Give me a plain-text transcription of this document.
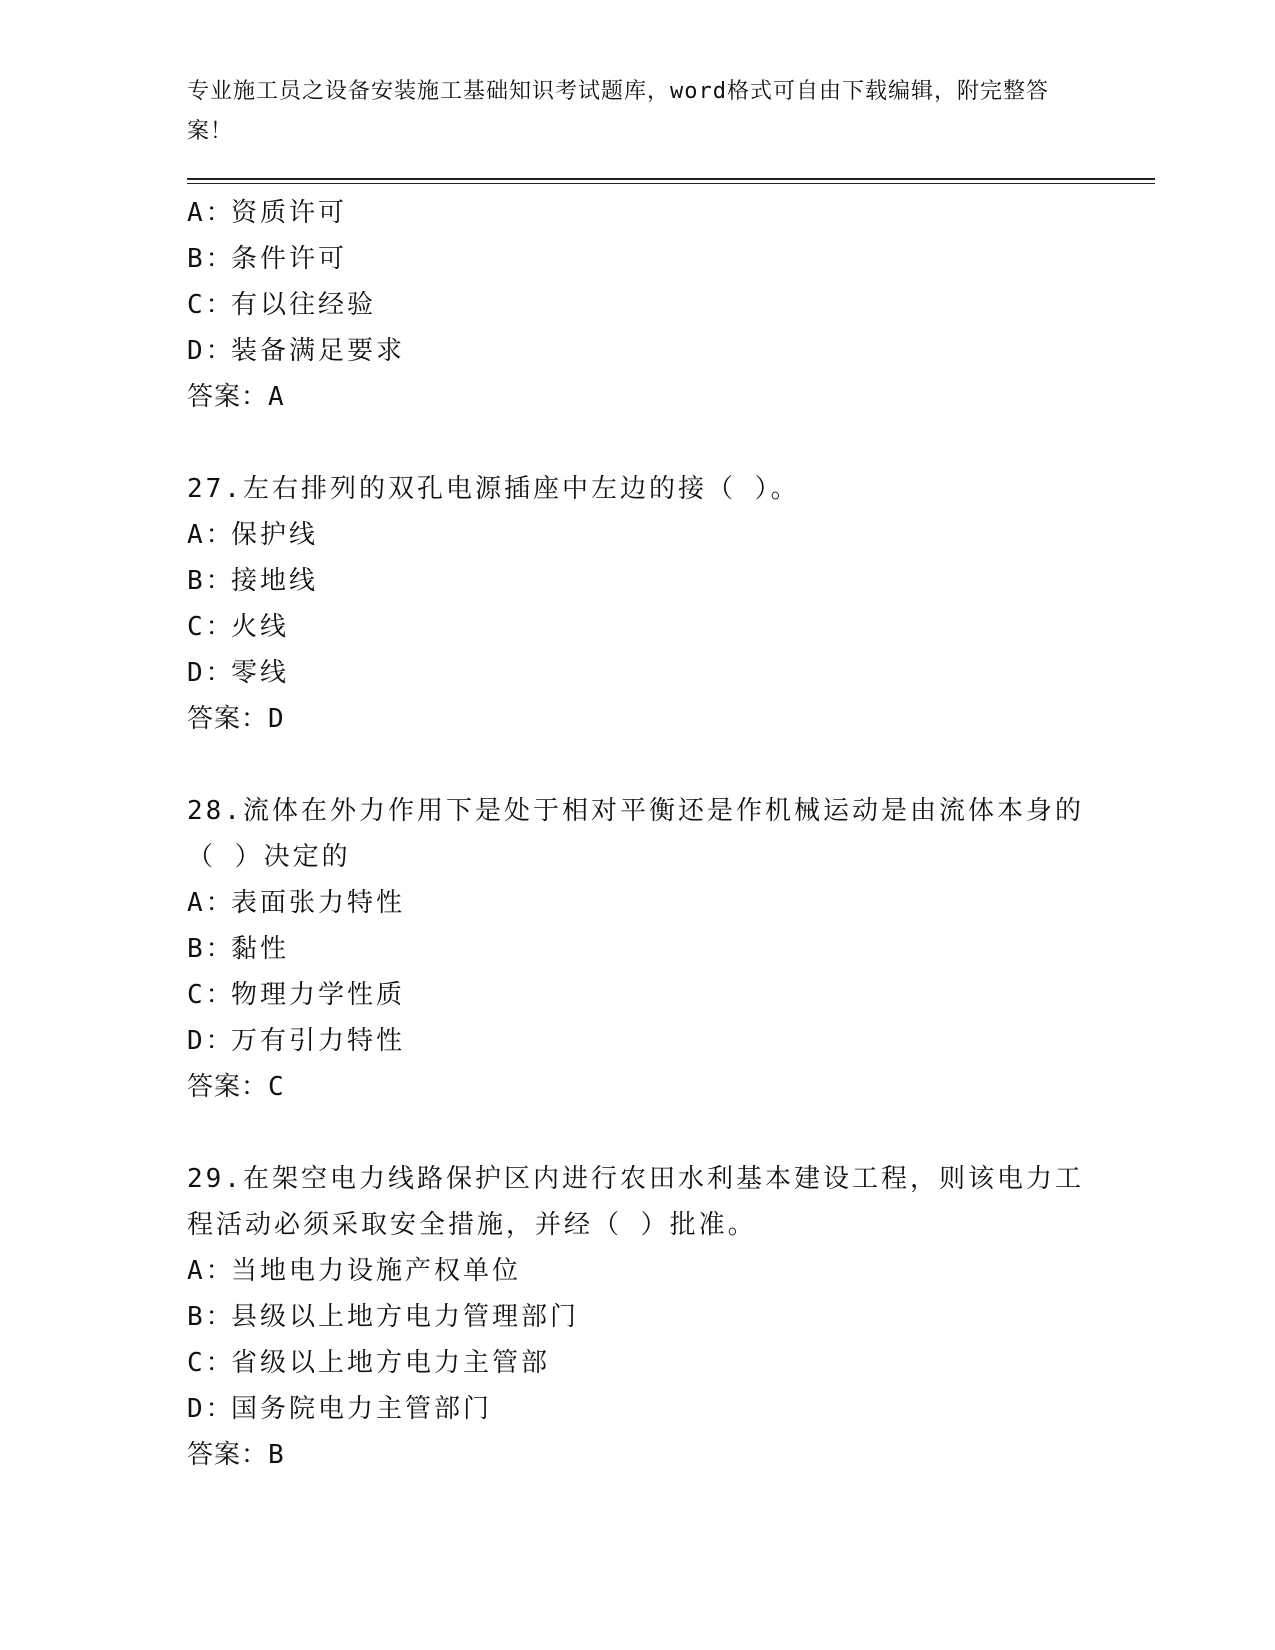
专业施工员之设备安装施工基础知识考试题库，word格式可自由下载编辑，附完整答案！
A：资质许可
B：条件许可
C：有以往经验
D：装备满足要求
答案：A
27.左右排列的双孔电源插座中左边的接（ ）。
A：保护线
B：接地线
C：火线
D：零线
答案：D
28.流体在外力作用下是处于相对平衡还是作机械运动是由流体本身的（ ）决定的
A：表面张力特性
B：黏性
C：物理力学性质
D：万有引力特性
答案：C
29.在架空电力线路保护区内进行农田水利基本建设工程，则该电力工程活动必须采取安全措施，并经（ ）批准。
A：当地电力设施产权单位
B：县级以上地方电力管理部门
C：省级以上地方电力主管部
D：国务院电力主管部门
答案：B
